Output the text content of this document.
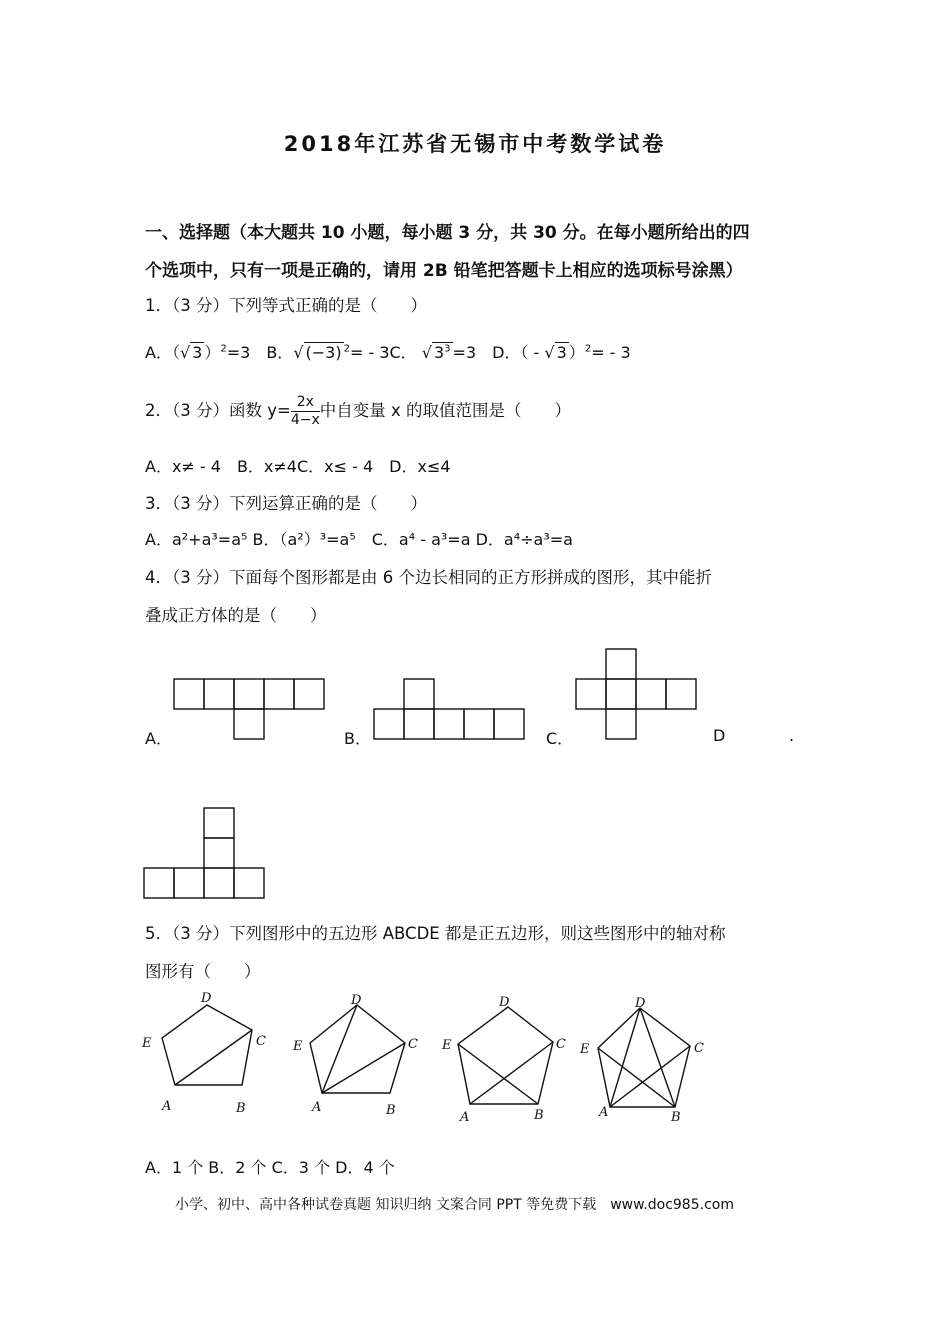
2018年江苏省无锡市中考数学试卷
一、选择题（本大题共 10 小题，每小题 3 分，共 30 分。在每小题所给出的四
个选项中，只有一项是正确的，请用 2B 铅笔把答题卡上相应的选项标号涂黑）
1．（3 分）下列等式正确的是（　　）
A．（√ 3 ）$^2$=3　B．√ (−3) $^2$= - 3C． √ $3^3 =3$　D．（ - √ 3 ）$^2$= - 3
2．（3 分）函数 $y= \frac{2x}{4-x}$ 中自变量 x 的取值范围是（　　）
A．x≠ - 4　B．x≠4C．x≤ - 4　D．x≤4
3．（3 分）下列运算正确的是（　　）
A．a²+a³=a⁵ B．（a²）³=a⁵　C．a⁴ - a³=a D．a⁴÷a³=a
4．（3 分）下面每个图形都是由 6 个边长相同的正方形拼成的图形，其中能折
叠成正方体的是（　　）
A．	B．	C．	D	.
5．（3 分）下列图形中的五边形 ABCDE 都是正五边形，则这些图形中的轴对称
图形有（　　）
D
C
B
A
E
D
C
B
A
E
D
C
B
A
E
D
C
B
A
E
A．1 个 B．2 个 C．3 个 D．4 个
小学、初中、高中各种试卷真题 知识归纳 文案合同 PPT 等免费下载　www.doc985.com
